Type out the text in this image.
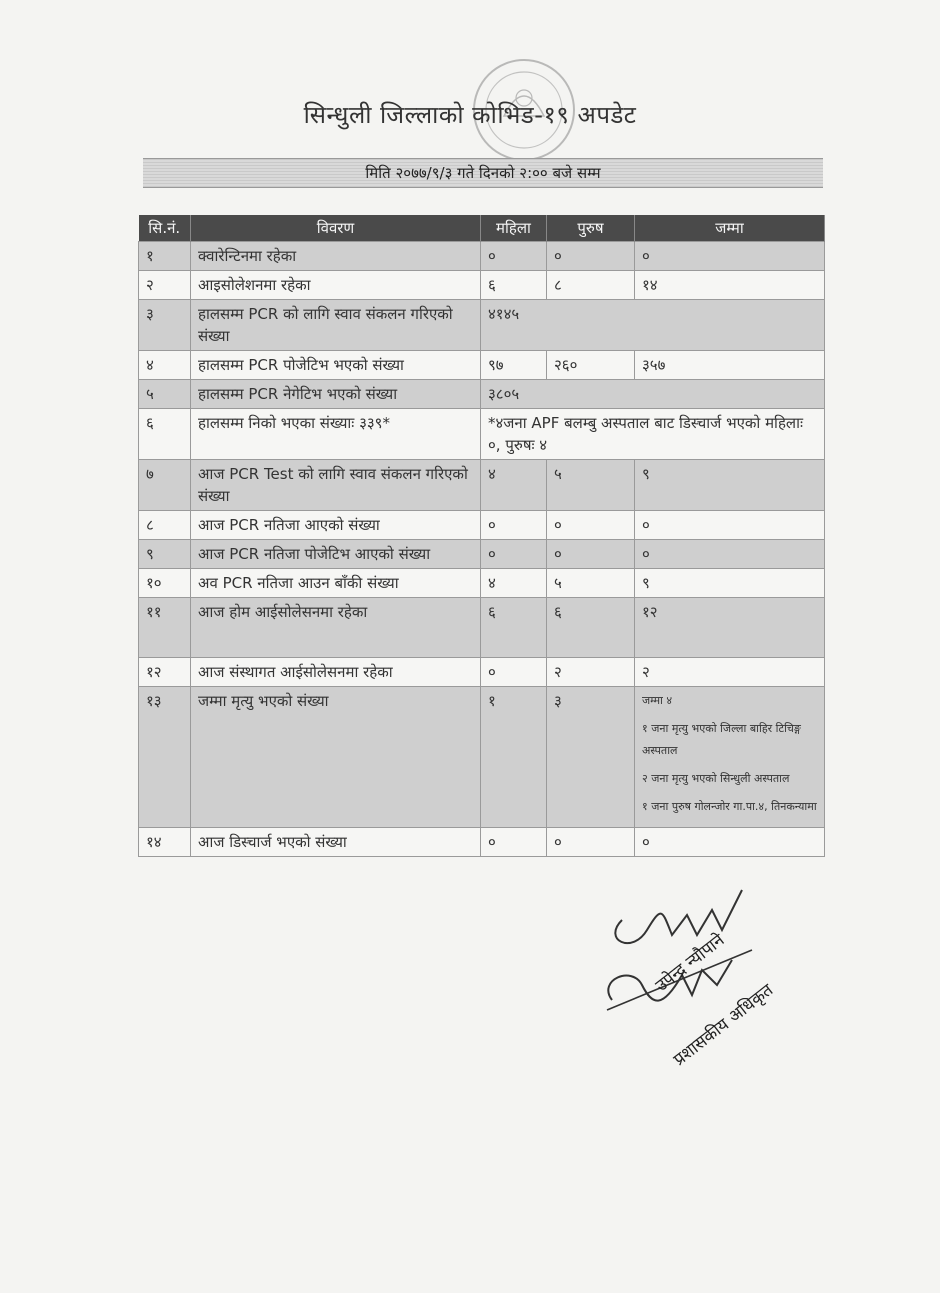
सिन्धुली जिल्लाको कोभिड-१९ अपडेट
मिति २०७७/९/३ गते दिनको २:०० बजे सम्म
सि.नं.	विवरण	महिला	पुरुष	जम्मा
१	क्वारेन्टिनमा रहेका	०	०	०
२	आइसोलेशनमा रहेका	६	८	१४
३	हालसम्म PCR को लागि स्वाव संकलन गरिएको संख्या	४१४५		
४	हालसम्म PCR पोजेटिभ भएको संख्या	९७	२६०	३५७
५	हालसम्म PCR नेगेटिभ भएको संख्या	३८०५		
६	हालसम्म निको भएका संख्याः ३३९*	*४जना APF बलम्बु अस्पताल बाट डिस्चार्ज भएको महिलाः ०, पुरुषः ४		
७	आज PCR Test को लागि स्वाव संकलन गरिएको संख्या	४	५	९
८	आज PCR नतिजा आएको संख्या	०	०	०
९	आज PCR नतिजा पोजेटिभ आएको संख्या	०	०	०
१०	अव PCR नतिजा आउन बाँकी संख्या	४	५	९
११	आज होम आईसोलेसनमा रहेका	६	६	१२
१२	आज संस्थागत आईसोलेसनमा रहेका	०	२	२
१३	जम्मा मृत्यु भएको संख्या	१	३	जम्मा ४

१ जना मृत्यु भएको जिल्ला बाहिर टिचिङ्ग अस्पताल

२ जना मृत्यु भएको सिन्धुली अस्पताल

१ जना पुरुष गोलन्जोर गा.पा.४, तिनकन्यामा

१४	आज डिस्चार्ज भएको संख्या	०	०	०
उपेन्द्र न्यौपाने
प्रशासकीय अधिकृत
